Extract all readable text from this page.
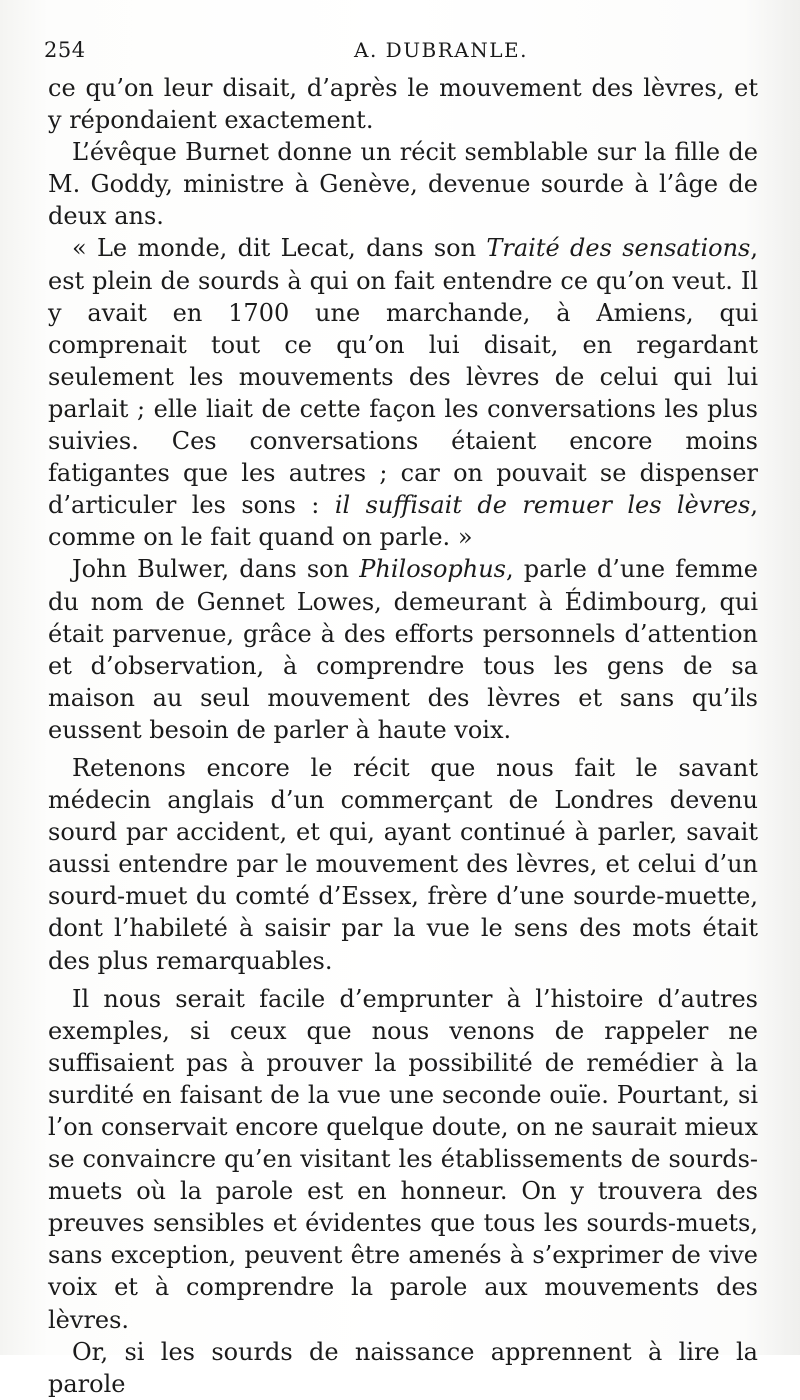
254	A. DUBRANLE.

ce qu’on leur disait, d’après le mouvement des lèvres, et y répondaient exactement.

L’évêque Burnet donne un récit semblable sur la fille de M. Goddy, ministre à Genève, devenue sourde à l’âge de deux ans.

« Le monde, dit Lecat, dans son Traité des sensations, est plein de sourds à qui on fait entendre ce qu’on veut. Il y avait en 1700 une marchande, à Amiens, qui comprenait tout ce qu’on lui disait, en regardant seulement les mouvements des lèvres de celui qui lui parlait ; elle liait de cette façon les conversations les plus suivies. Ces conversations étaient encore moins fatigantes que les autres ; car on pouvait se dispenser d’articuler les sons : il suffisait de remuer les lèvres, comme on le fait quand on parle. »

John Bulwer, dans son Philosophus, parle d’une femme du nom de Gennet Lowes, demeurant à Édimbourg, qui était parvenue, grâce à des efforts personnels d’attention et d’observation, à comprendre tous les gens de sa maison au seul mouvement des lèvres et sans qu’ils eussent besoin de parler à haute voix.

Retenons encore le récit que nous fait le savant médecin anglais d’un commerçant de Londres devenu sourd par accident, et qui, ayant continué à parler, savait aussi entendre par le mouvement des lèvres, et celui d’un sourd-muet du comté d’Essex, frère d’une sourde-muette, dont l’habileté à saisir par la vue le sens des mots était des plus remarquables.

Il nous serait facile d’emprunter à l’histoire d’autres exemples, si ceux que nous venons de rappeler ne suffisaient pas à prouver la possibilité de remédier à la surdité en faisant de la vue une seconde ouïe. Pourtant, si l’on conservait encore quelque doute, on ne saurait mieux se convaincre qu’en visitant les établissements de sourds-muets où la parole est en honneur. On y trouvera des preuves sensibles et évidentes que tous les sourds-muets, sans exception, peuvent être amenés à s’exprimer de vive voix et à comprendre la parole aux mouvements des lèvres.

Or, si les sourds de naissance apprennent à lire la parole
